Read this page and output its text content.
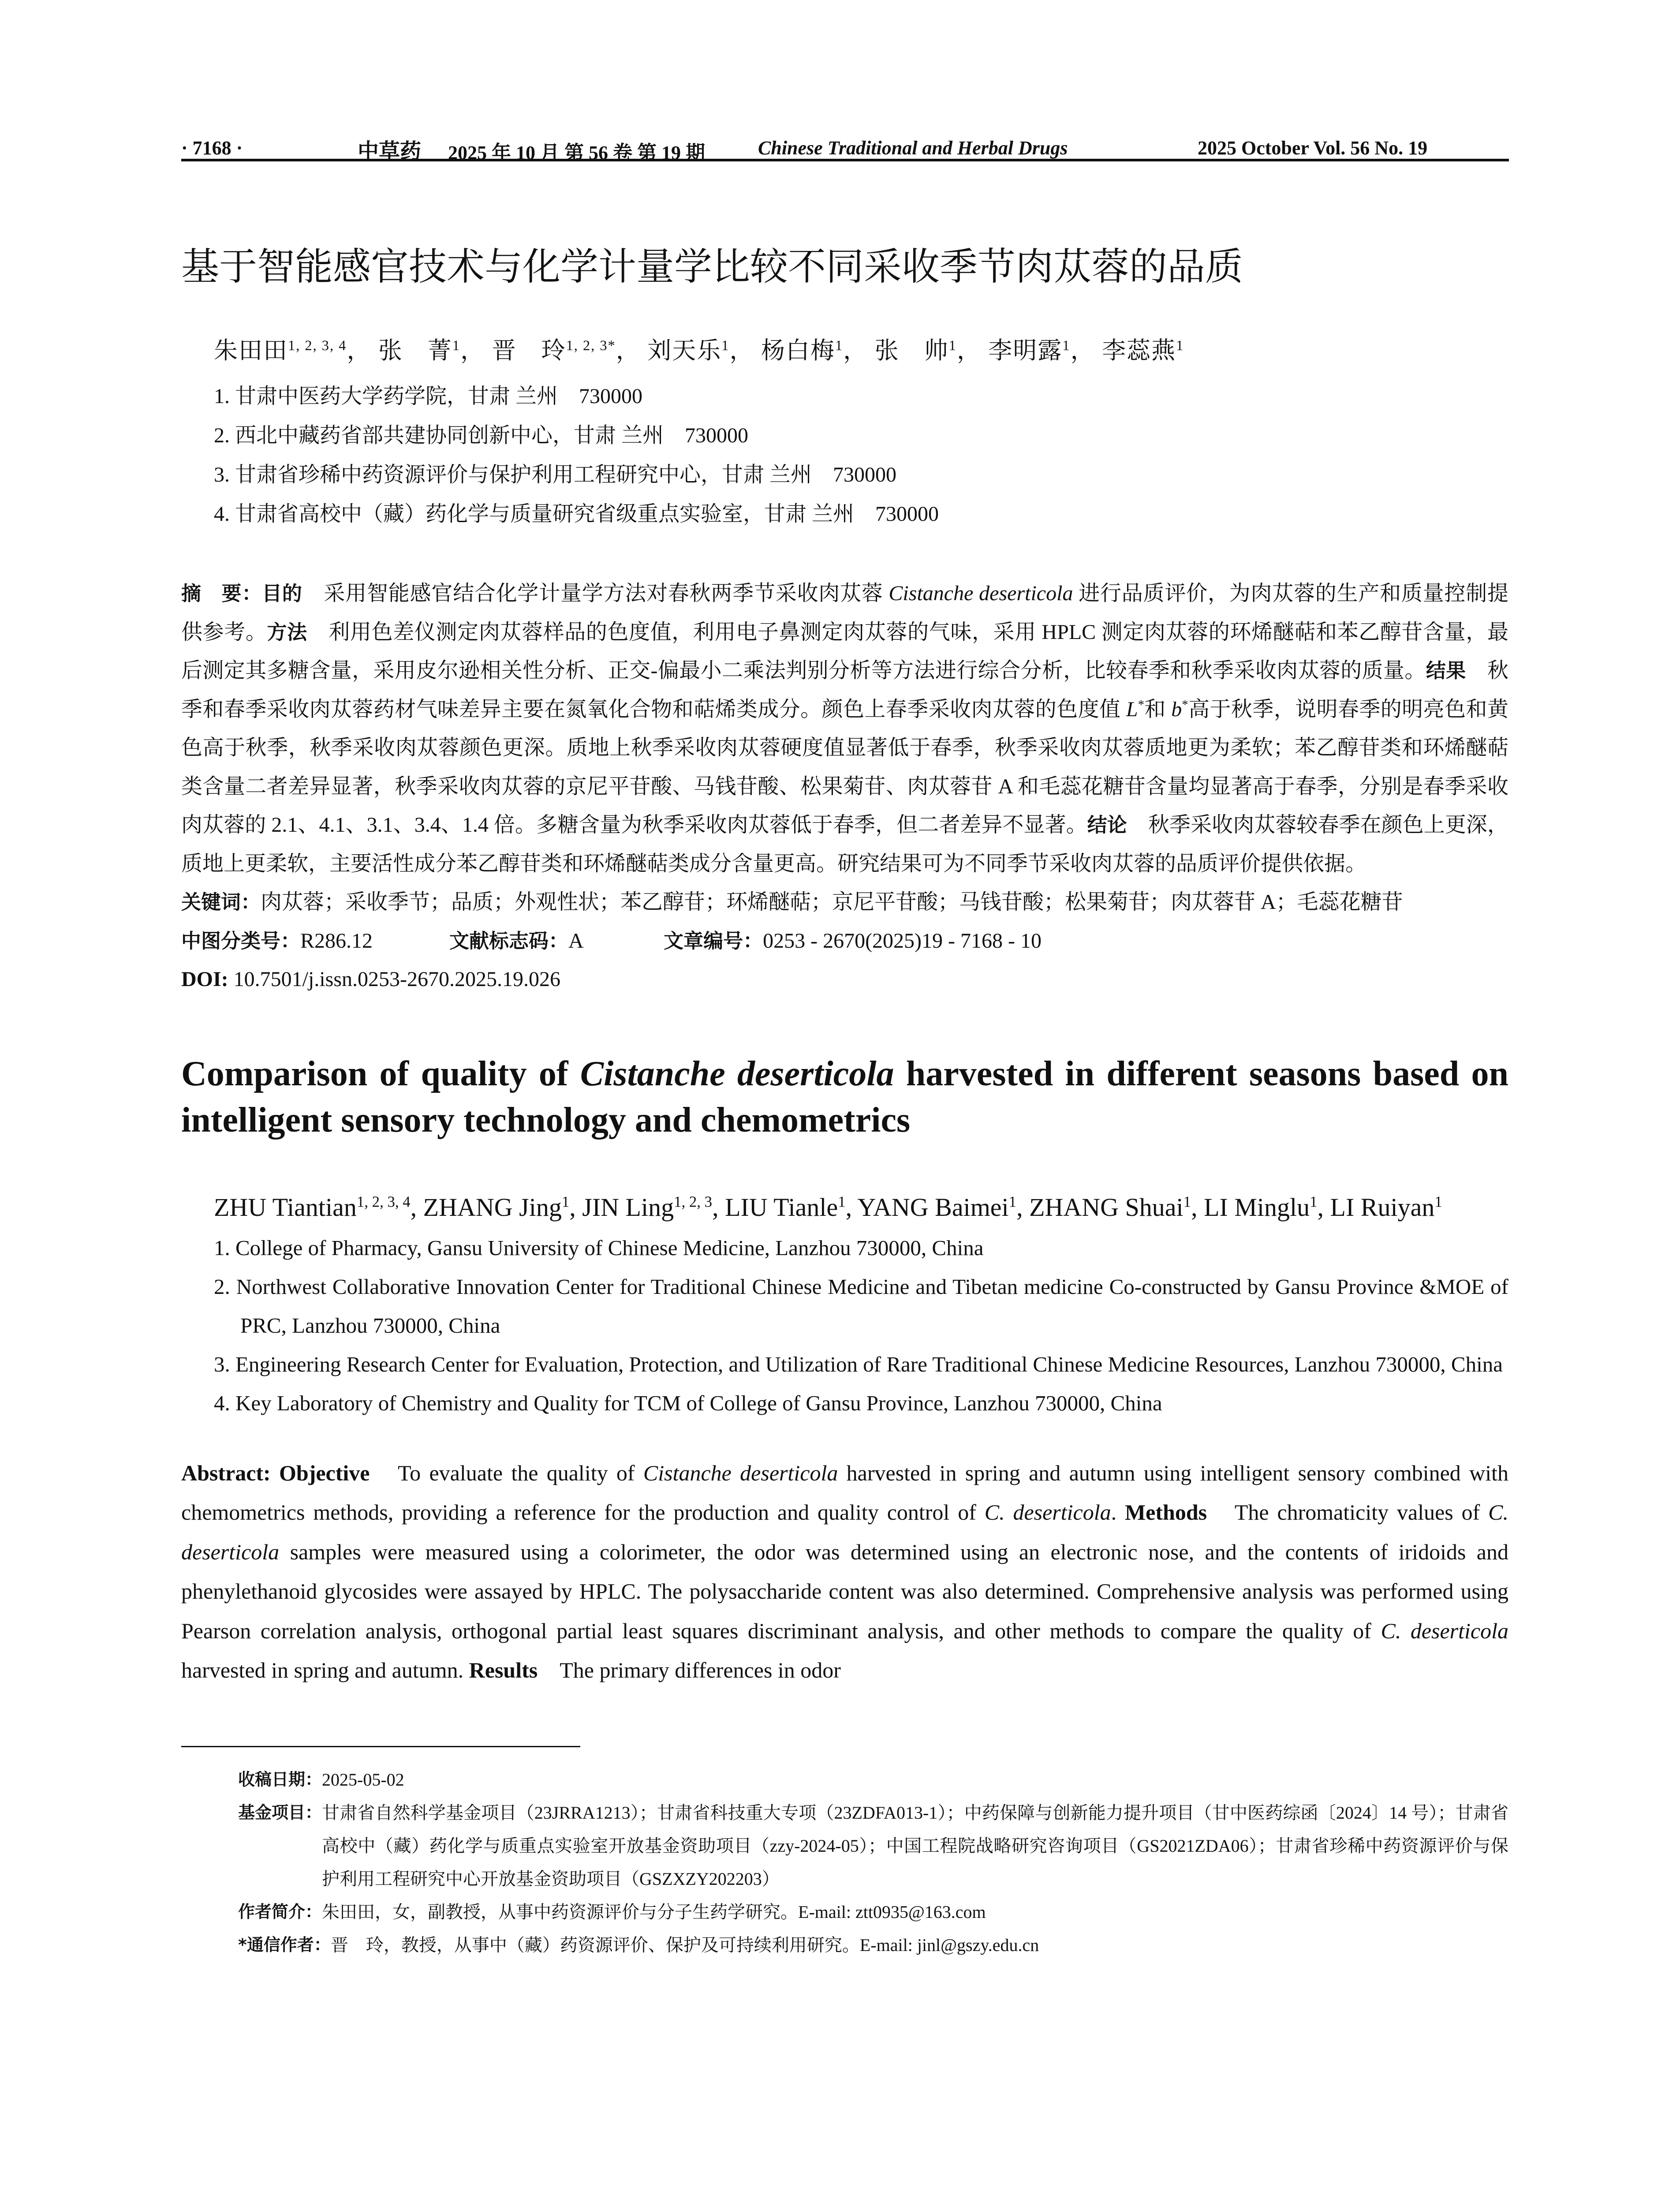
· 7168 ·	中草药 2025 年 10 月 第 56 卷 第 19 期	Chinese Traditional and Herbal Drugs	2025 October Vol. 56 No. 19
基于智能感官技术与化学计量学比较不同采收季节肉苁蓉的品质
朱田田$^{1, 2, 3, 4}$， 张　菁$^1$， 晋　玲$^{1, 2, 3*}$， 刘天乐$^1$， 杨白梅$^1$， 张　帅$^1$， 李明露$^1$， 李蕊燕$^1$
1. 甘肃中医药大学药学院，甘肃 兰州　730000
2. 西北中藏药省部共建协同创新中心，甘肃 兰州　730000
3. 甘肃省珍稀中药资源评价与保护利用工程研究中心，甘肃 兰州　730000
4. 甘肃省高校中（藏）药化学与质量研究省级重点实验室，甘肃 兰州　730000
摘　要：目的　采用智能感官结合化学计量学方法对春秋两季节采收肉苁蓉 Cistanche deserticola 进行品质评价，为肉苁蓉的生产和质量控制提供参考。方法　利用色差仪测定肉苁蓉样品的色度值，利用电子鼻测定肉苁蓉的气味，采用 HPLC 测定肉苁蓉的环烯醚萜和苯乙醇苷含量，最后测定其多糖含量，采用皮尔逊相关性分析、正交-偏最小二乘法判别分析等方法进行综合分析，比较春季和秋季采收肉苁蓉的质量。结果　秋季和春季采收肉苁蓉药材气味差异主要在氮氧化合物和萜烯类成分。颜色上春季采收肉苁蓉的色度值 L*和 b*高于秋季，说明春季的明亮色和黄色高于秋季，秋季采收肉苁蓉颜色更深。质地上秋季采收肉苁蓉硬度值显著低于春季，秋季采收肉苁蓉质地更为柔软；苯乙醇苷类和环烯醚萜类含量二者差异显著，秋季采收肉苁蓉的京尼平苷酸、马钱苷酸、松果菊苷、肉苁蓉苷 A 和毛蕊花糖苷含量均显著高于春季，分别是春季采收肉苁蓉的 2.1、4.1、3.1、3.4、1.4 倍。多糖含量为秋季采收肉苁蓉低于春季，但二者差异不显著。结论　秋季采收肉苁蓉较春季在颜色上更深，质地上更柔软，主要活性成分苯乙醇苷类和环烯醚萜类成分含量更高。研究结果可为不同季节采收肉苁蓉的品质评价提供依据。
关键词：肉苁蓉；采收季节；品质；外观性状；苯乙醇苷；环烯醚萜；京尼平苷酸；马钱苷酸；松果菊苷；肉苁蓉苷 A；毛蕊花糖苷
中图分类号：R286.12	文献标志码：A	文章编号：0253 - 2670(2025)19 - 7168 - 10
DOI: 10.7501/j.issn.0253-2670.2025.19.026
Comparison of quality of Cistanche deserticola harvested in different seasons based on intelligent sensory technology and chemometrics
ZHU Tiantian$^{1, 2, 3, 4}$, ZHANG Jing$^1$, JIN Ling$^{1, 2, 3}$, LIU Tianle$^1$, YANG Baimei$^1$, ZHANG Shuai$^1$, LI Minglu$^1$, LI Ruiyan$^1$
1. College of Pharmacy, Gansu University of Chinese Medicine, Lanzhou 730000, China
2. Northwest Collaborative Innovation Center for Traditional Chinese Medicine and Tibetan medicine Co-constructed by Gansu Province &MOE of PRC, Lanzhou 730000, China
3. Engineering Research Center for Evaluation, Protection, and Utilization of Rare Traditional Chinese Medicine Resources, Lanzhou 730000, China
4. Key Laboratory of Chemistry and Quality for TCM of College of Gansu Province, Lanzhou 730000, China
Abstract: Objective　To evaluate the quality of Cistanche deserticola harvested in spring and autumn using intelligent sensory combined with chemometrics methods, providing a reference for the production and quality control of C. deserticola. Methods　The chromaticity values of C. deserticola samples were measured using a colorimeter, the odor was determined using an electronic nose, and the contents of iridoids and phenylethanoid glycosides were assayed by HPLC. The polysaccharide content was also determined. Comprehensive analysis was performed using Pearson correlation analysis, orthogonal partial least squares discriminant analysis, and other methods to compare the quality of C. deserticola harvested in spring and autumn. Results　The primary differences in odor
收稿日期： 2025-05-02
基金项目： 甘肃省自然科学基金项目（23JRRA1213）；甘肃省科技重大专项（23ZDFA013-1）；中药保障与创新能力提升项目（甘中医药综函〔2024〕14 号）；甘肃省高校中（藏）药化学与质重点实验室开放基金资助项目（zzy-2024-05）；中国工程院战略研究咨询项目（GS2021ZDA06）；甘肃省珍稀中药资源评价与保护利用工程研究中心开放基金资助项目（GSZXZY202203）
作者简介： 朱田田，女，副教授，从事中药资源评价与分子生药学研究。E-mail: ztt0935@163.com
*通信作者： 晋　玲，教授，从事中（藏）药资源评价、保护及可持续利用研究。E-mail: jinl@gszy.edu.cn
